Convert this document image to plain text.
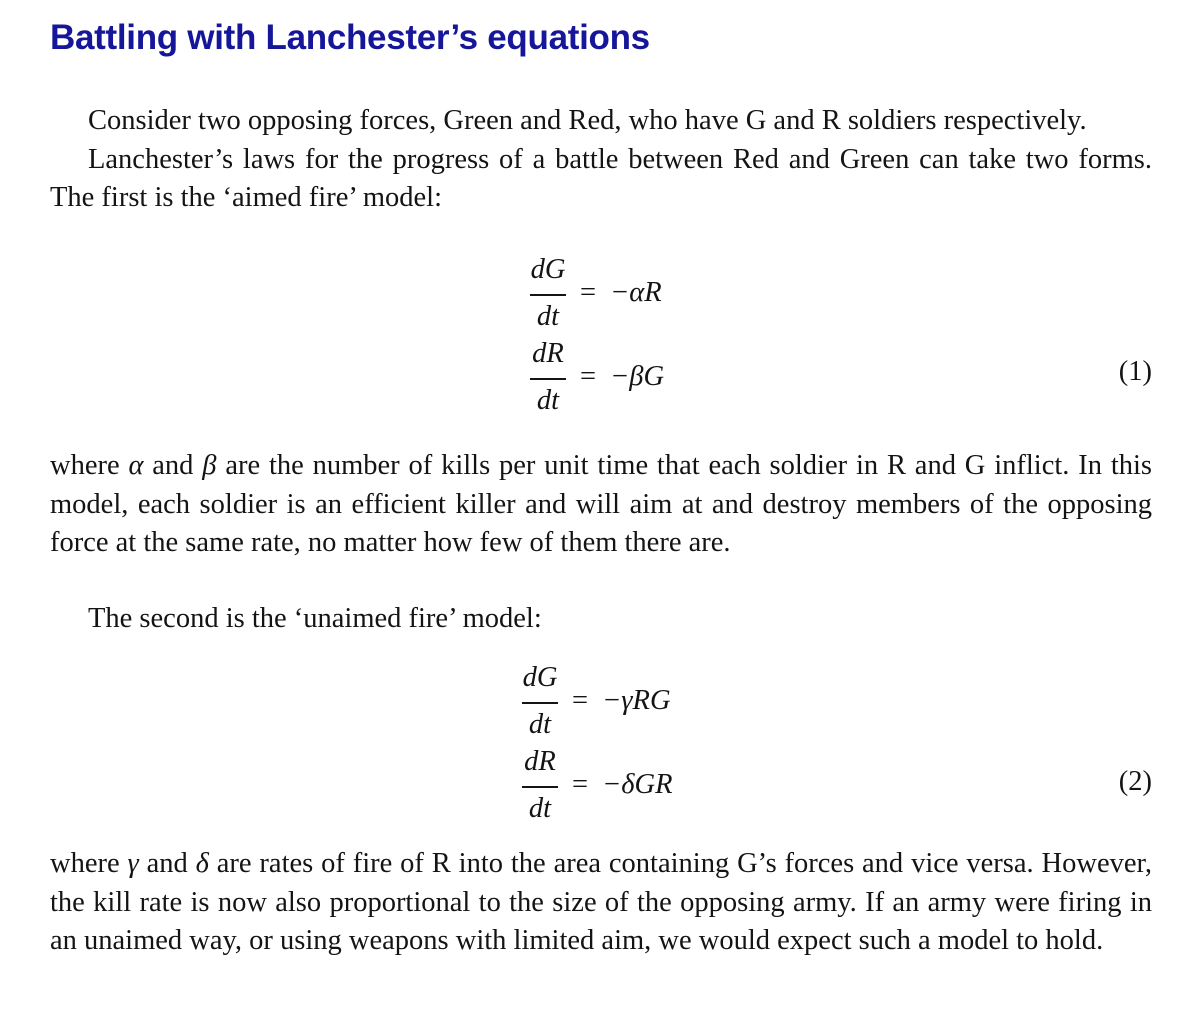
Battling with Lanchester’s equations

Consider two opposing forces, Green and Red, who have G and R soldiers respectively.
Lanchester’s laws for the progress of a battle between Red and Green can take two forms. The first is the ‘aimed fire’ model:

$\frac{dG}{dt} = -\alpha R$
$\frac{dR}{dt} = -\beta G$	(1)

where α and β are the number of kills per unit time that each soldier in R and G inflict. In this model, each soldier is an efficient killer and will aim at and destroy members of the opposing force at the same rate, no matter how few of them there are.

The second is the ‘unaimed fire’ model:

$\frac{dG}{dt} = -\gamma RG$
$\frac{dR}{dt} = -\delta GR$	(2)

where γ and δ are rates of fire of R into the area containing G’s forces and vice versa. However, the kill rate is now also proportional to the size of the opposing army. If an army were firing in an unaimed way, or using weapons with limited aim, we would expect such a model to hold.
